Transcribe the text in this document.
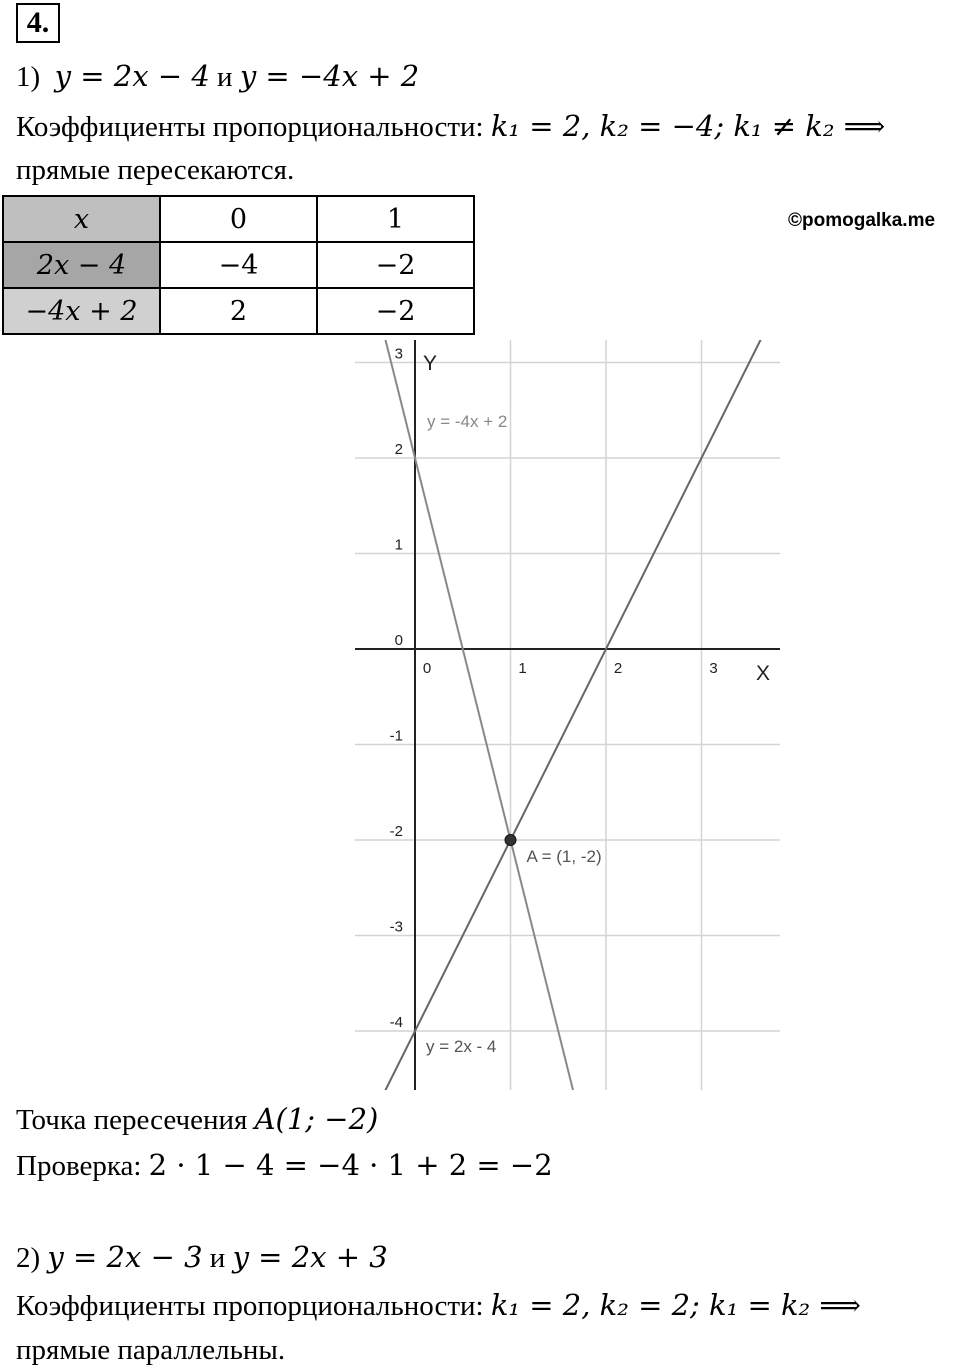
4.
1) y = 2x − 4 и y = −4x + 2
Коэффициенты пропорциональности: k₁ = 2, k₂ = −4; k₁ ≠ k₂ ⟹
прямые пересекаются.
©pomogalka.me
x	0	1
2x − 4	−4	−2
−4x + 2	2	−2
0	1	2	3
3
2
1
0
-1
-2
-3
-4
X
Y
y = -4x + 2
y = 2x - 4
A = (1, -2)
Точка пересечения A(1; −2)
Проверка: 2 · 1 − 4 = −4 · 1 + 2 = −2
2) y = 2x − 3 и y = 2x + 3
Коэффициенты пропорциональности: k₁ = 2, k₂ = 2; k₁ = k₂ ⟹
прямые параллельны.
